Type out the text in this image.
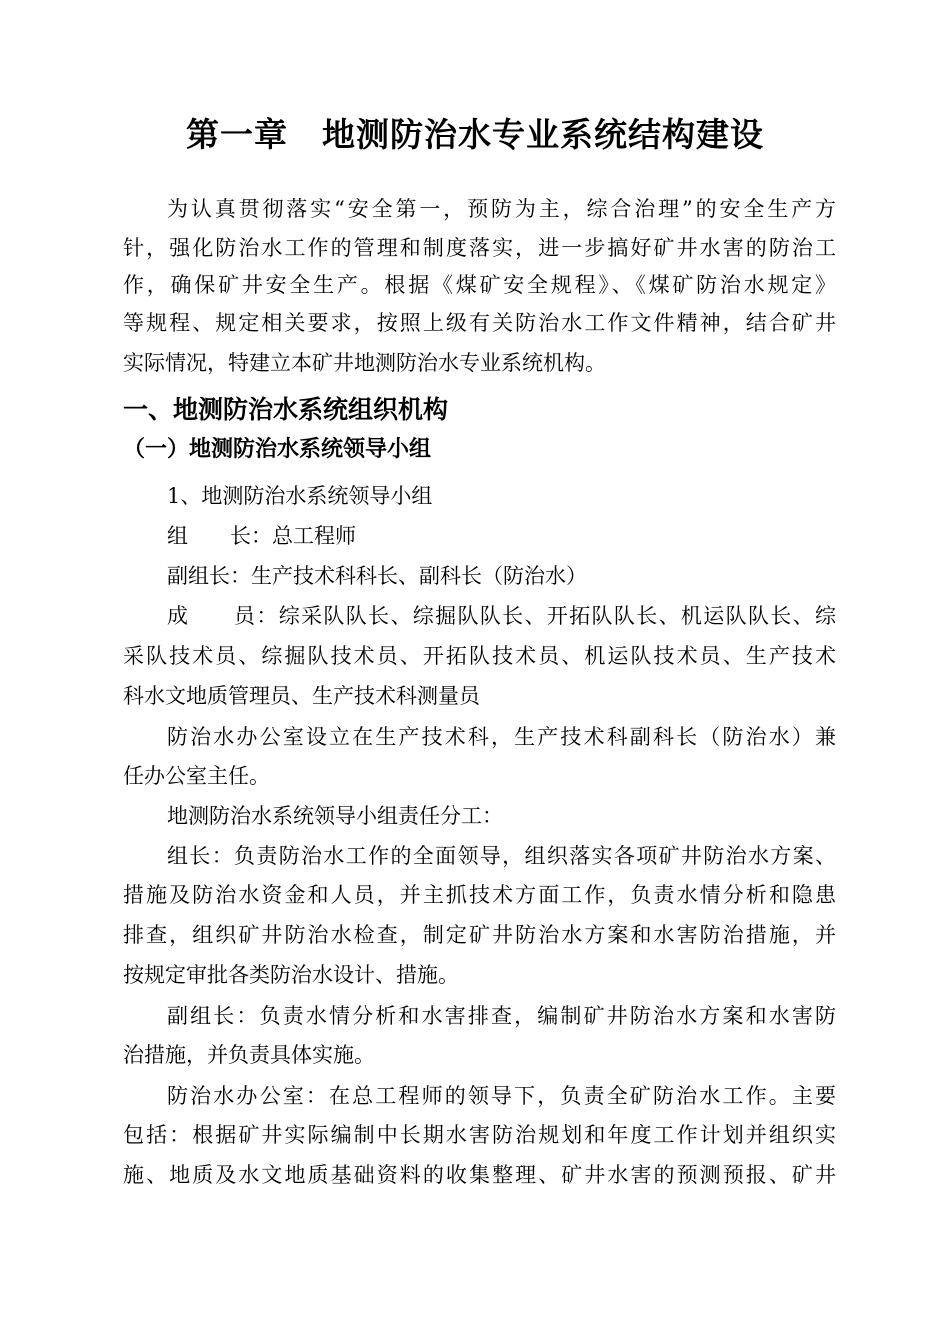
第一章　地测防治水专业系统结构建设
为认真贯彻落实“安全第一，预防为主，综合治理”的安全生产方
针，强化防治水工作的管理和制度落实，进一步搞好矿井水害的防治工
作，确保矿井安全生产。根据《煤矿安全规程》、《煤矿防治水规定》
等规程、规定相关要求，按照上级有关防治水工作文件精神，结合矿井
实际情况，特建立本矿井地测防治水专业系统机构。
一、地测防治水系统组织机构
（一）地测防治水系统领导小组
1、地测防治水系统领导小组
组　　长：总工程师
副组长：生产技术科科长、副科长（防治水）
成　　员：综采队队长、综掘队队长、开拓队队长、机运队队长、综
采队技术员、综掘队技术员、开拓队技术员、机运队技术员、生产技术
科水文地质管理员、生产技术科测量员
防治水办公室设立在生产技术科，生产技术科副科长（防治水）兼
任办公室主任。
地测防治水系统领导小组责任分工：
组长：负责防治水工作的全面领导，组织落实各项矿井防治水方案、
措施及防治水资金和人员，并主抓技术方面工作，负责水情分析和隐患
排查，组织矿井防治水检查，制定矿井防治水方案和水害防治措施，并
按规定审批各类防治水设计、措施。
副组长：负责水情分析和水害排查，编制矿井防治水方案和水害防
治措施，并负责具体实施。
防治水办公室：在总工程师的领导下，负责全矿防治水工作。主要
包括：根据矿井实际编制中长期水害防治规划和年度工作计划并组织实
施、地质及水文地质基础资料的收集整理、矿井水害的预测预报、矿井
